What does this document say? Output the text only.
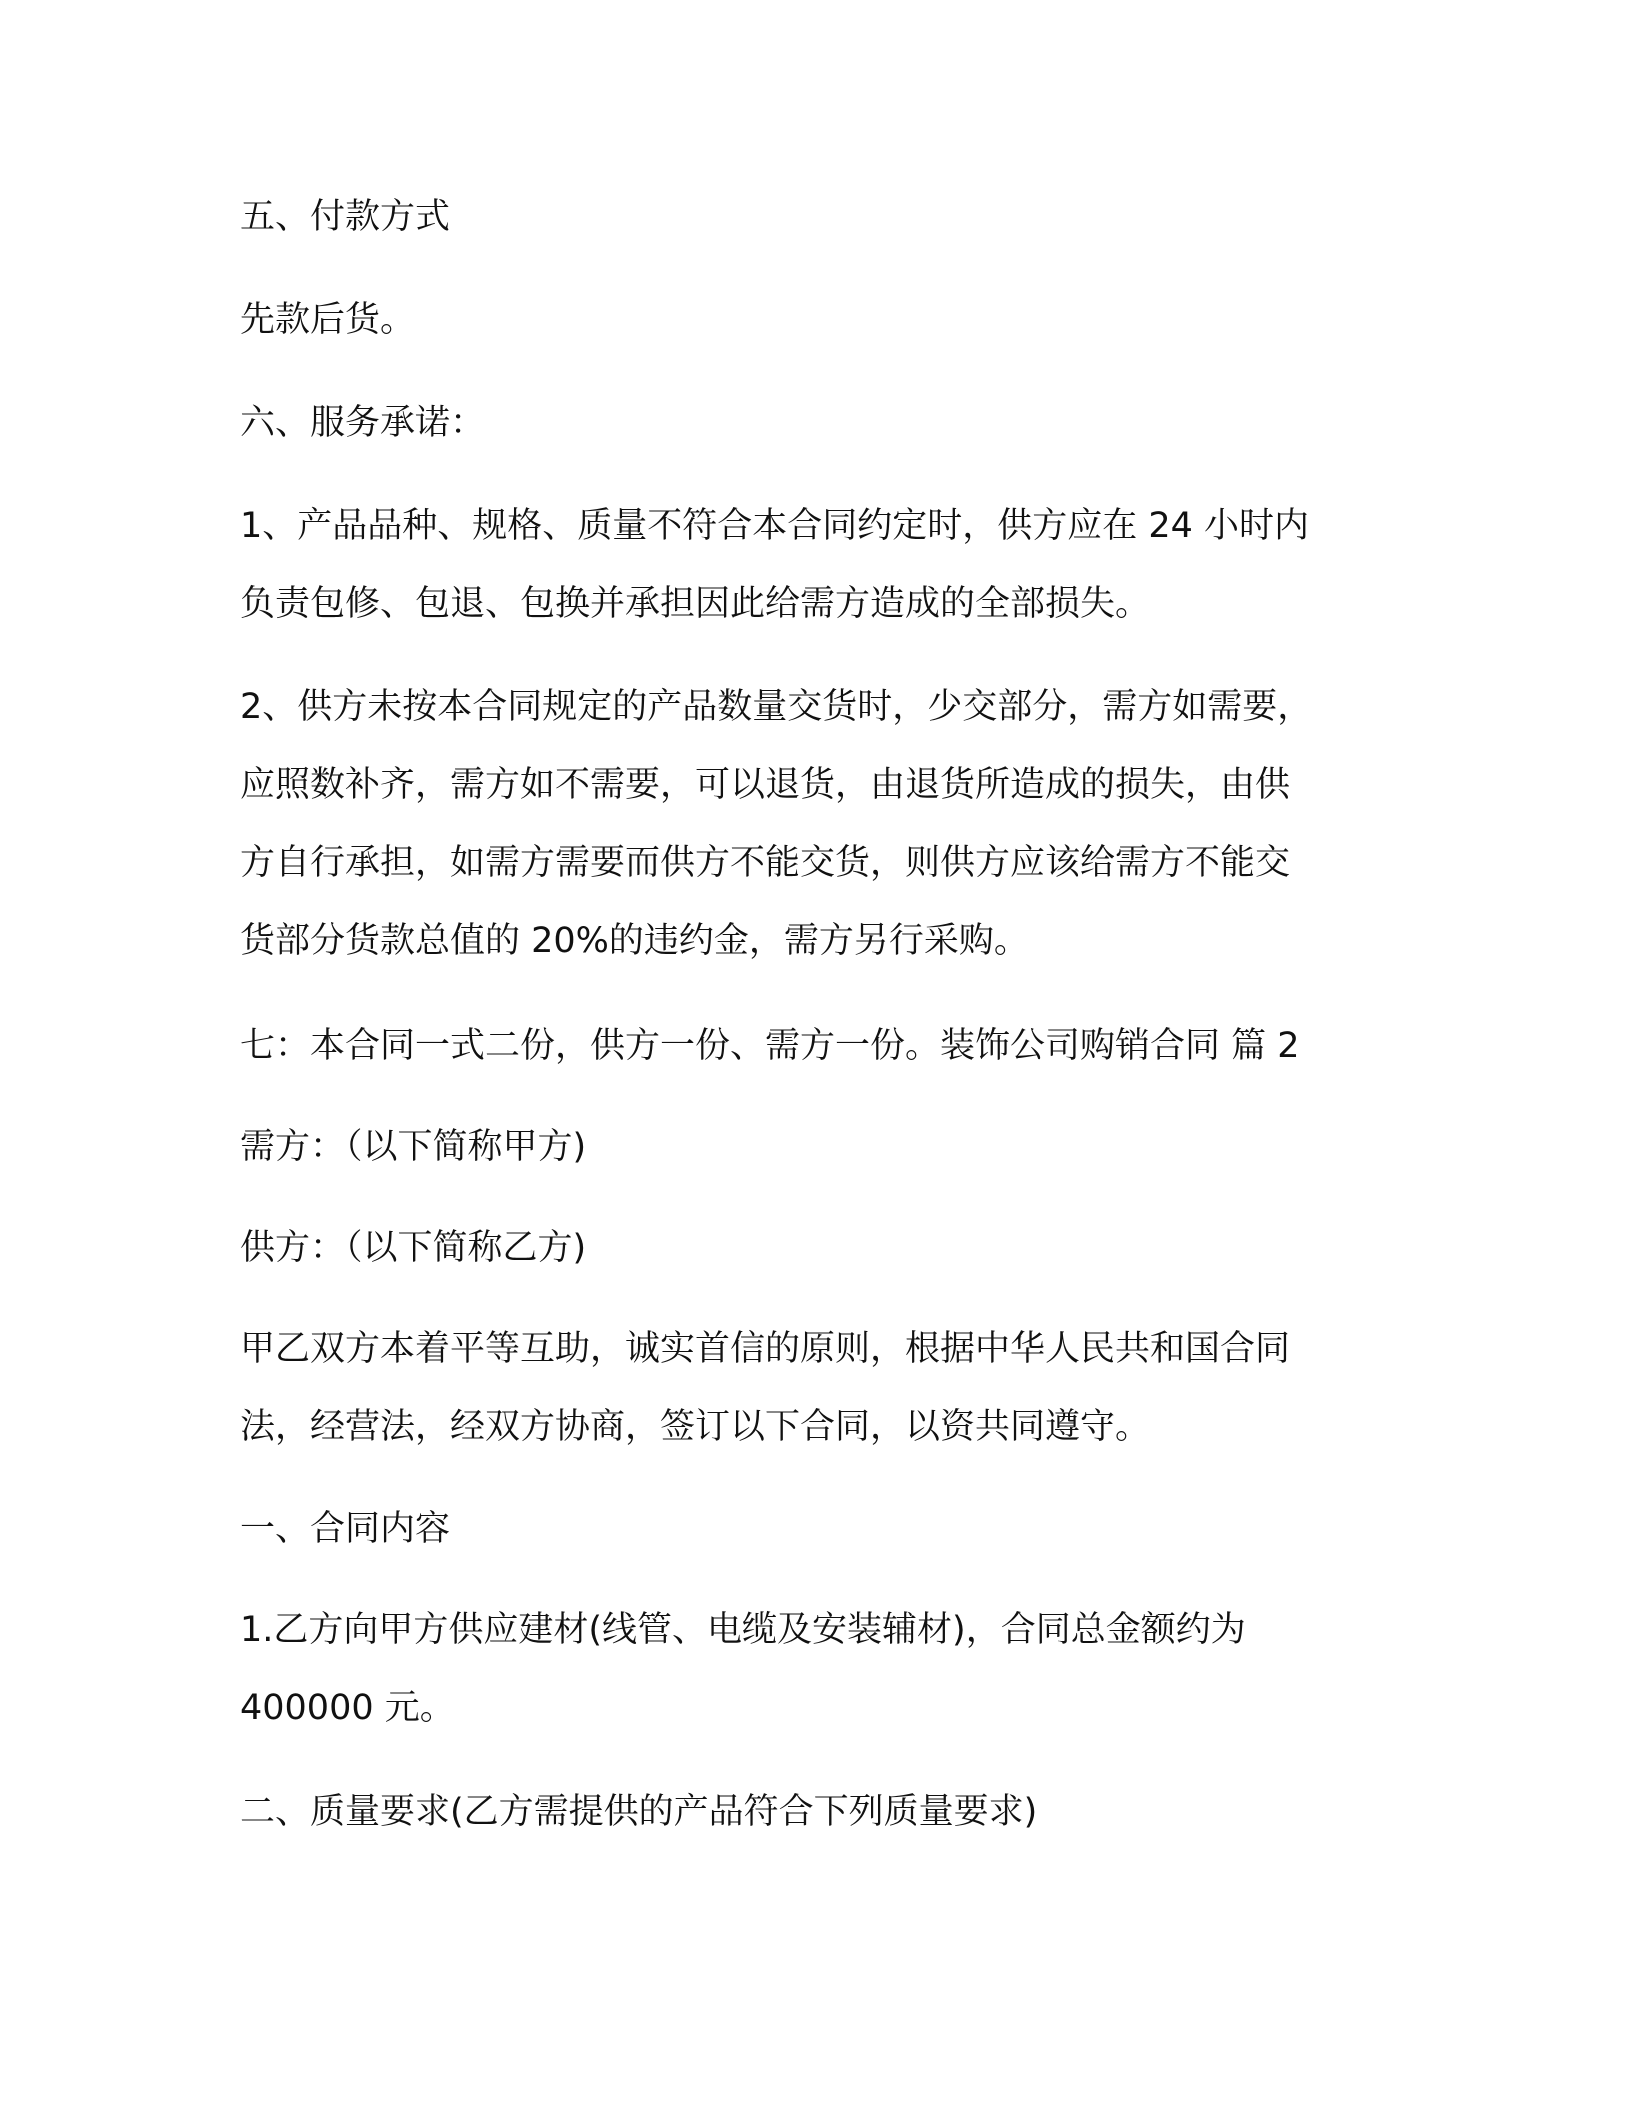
五、付款方式
先款后货。
六、服务承诺：
1、产品品种、规格、质量不符合本合同约定时，供方应在 24 小时内
负责包修、包退、包换并承担因此给需方造成的全部损失。
2、供方未按本合同规定的产品数量交货时，少交部分，需方如需要，
应照数补齐，需方如不需要，可以退货，由退货所造成的损失，由供
方自行承担，如需方需要而供方不能交货，则供方应该给需方不能交
货部分货款总值的 20%的违约金，需方另行采购。
七：本合同一式二份，供方一份、需方一份。装饰公司购销合同 篇 2
需方：（以下简称甲方)
供方：（以下简称乙方)
甲乙双方本着平等互助，诚实首信的原则，根据中华人民共和国合同
法，经营法，经双方协商，签订以下合同，以资共同遵守。
一、合同内容
1.乙方向甲方供应建材(线管、电缆及安装辅材)，合同总金额约为
400000 元。
二、质量要求(乙方需提供的产品符合下列质量要求)
